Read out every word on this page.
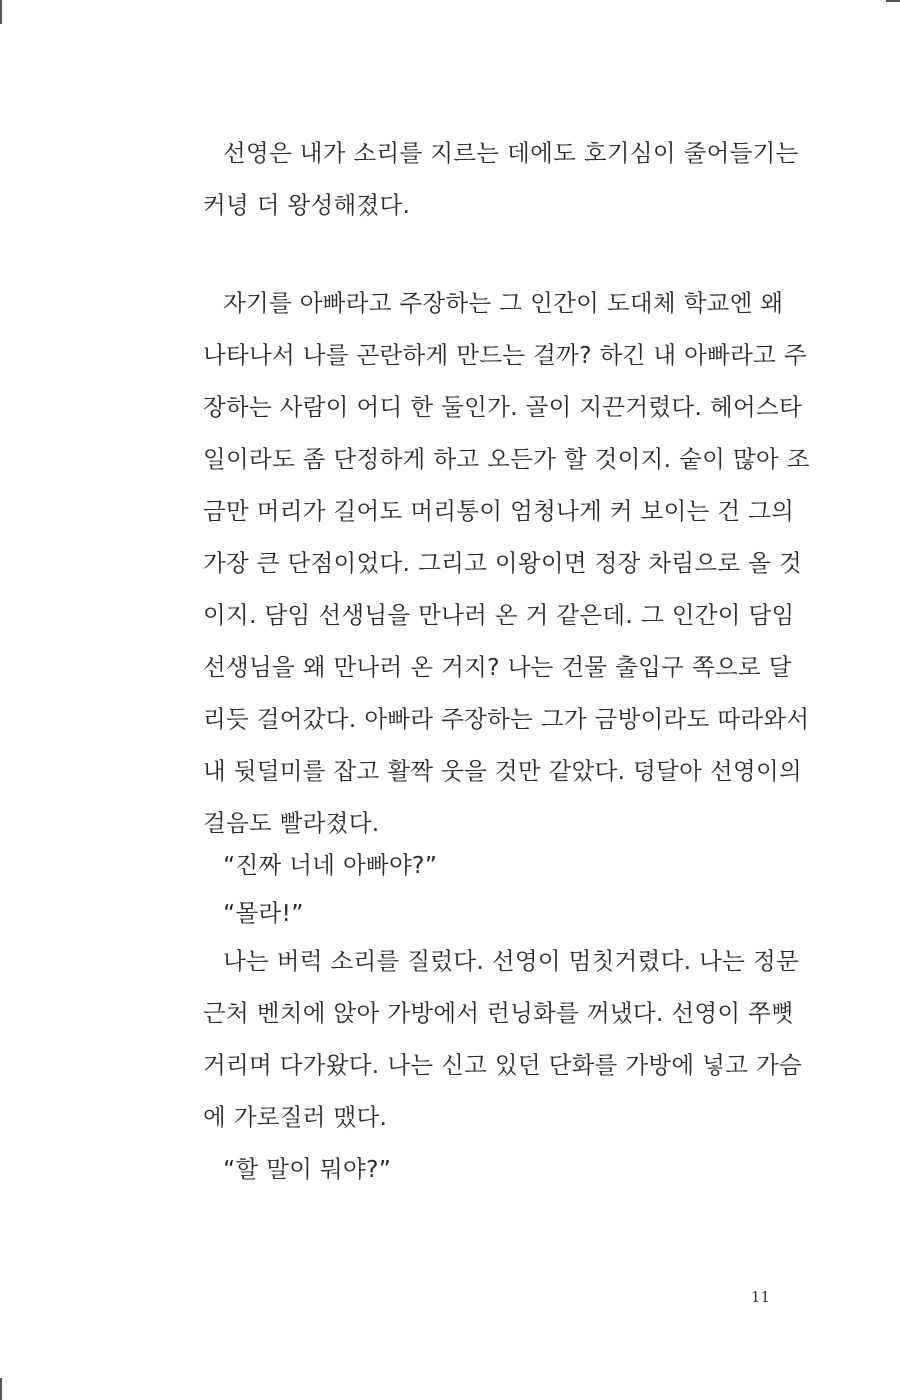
선영은 내가 소리를 지르는 데에도 호기심이 줄어들기는
커녕 더 왕성해졌다.
자기를 아빠라고 주장하는 그 인간이 도대체 학교엔 왜
나타나서 나를 곤란하게 만드는 걸까? 하긴 내 아빠라고 주
장하는 사람이 어디 한 둘인가. 골이 지끈거렸다. 헤어스타
일이라도 좀 단정하게 하고 오든가 할 것이지. 숱이 많아 조
금만 머리가 길어도 머리통이 엄청나게 커 보이는 건 그의
가장 큰 단점이었다. 그리고 이왕이면 정장 차림으로 올 것
이지. 담임 선생님을 만나러 온 거 같은데. 그 인간이 담임
선생님을 왜 만나러 온 거지? 나는 건물 출입구 쪽으로 달
리듯 걸어갔다. 아빠라 주장하는 그가 금방이라도 따라와서
내 뒷덜미를 잡고 활짝 웃을 것만 같았다. 덩달아 선영이의
걸음도 빨라졌다.
“진짜 너네 아빠야?”
“몰라!”
나는 버럭 소리를 질렀다. 선영이 멈칫거렸다. 나는 정문
근처 벤치에 앉아 가방에서 런닝화를 꺼냈다. 선영이 쭈뼛
거리며 다가왔다. 나는 신고 있던 단화를 가방에 넣고 가슴
에 가로질러 맸다.
“할 말이 뭐야?”
11
